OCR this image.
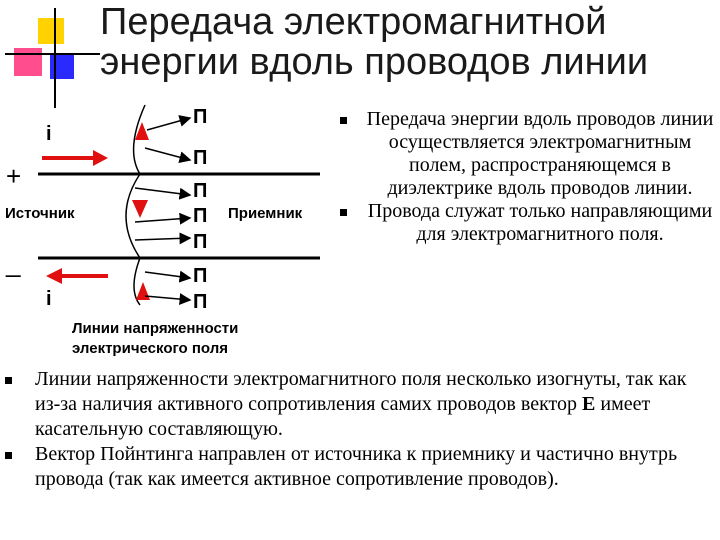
Передача электромагнитной
энергии вдоль проводов линии
i
i
+
_
Источник	Приемник
П
П
П
П
П
П
П
Линии напряженности
электрического поля
Передача энергии вдоль проводов линии осуществляется электромагнитным полем, распространяющемся в диэлектрике вдоль проводов линии.
Провода служат только направляющими для электромагнитного поля.
Линии напряженности электромагнитного поля несколько изогнуты, так как из-за наличия активного сопротивления самих проводов вектор E имеет касательную составляющую.
Вектор Пойнтинга направлен от источника к приемнику и частично внутрь провода (так как имеется активное сопротивление проводов).
